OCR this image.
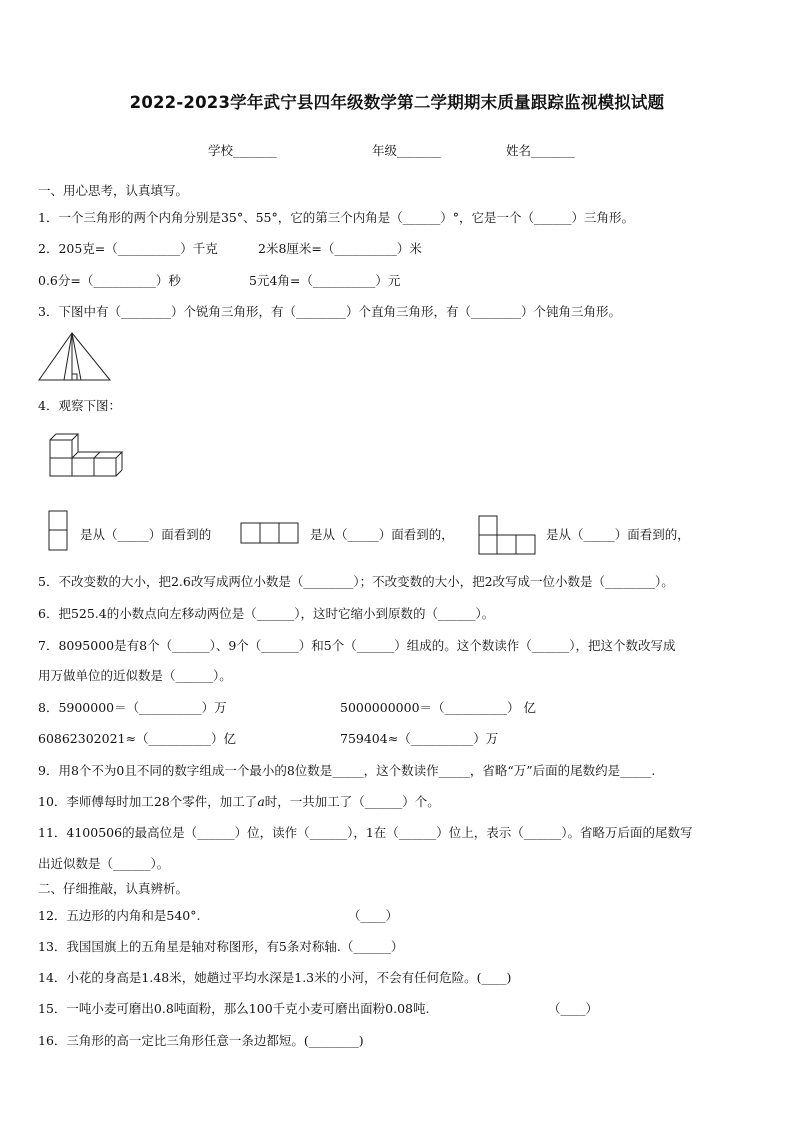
2022-2023学年武宁县四年级数学第二学期期末质量跟踪监视模拟试题
学校_______	年级_______	姓名_______
一、用心思考，认真填写。
1．一个三角形的两个内角分别是35°、55°，它的第三个内角是（______）°，它是一个（______）三角形。
2．205克=（__________）千克	2米8厘米=（__________）米
0.6分=（__________）秒	5元4角=（__________）元
3．下图中有（________）个锐角三角形，有（________）个直角三角形，有（________）个钝角三角形。
4．观察下图：
是从（_____）面看到的	是从（_____）面看到的，	是从（_____）面看到的，
5．不改变数的大小，把2.6改写成两位小数是（________）；不改变数的大小，把2改写成一位小数是（________）。
6．把525.4的小数点向左移动两位是（______），这时它缩小到原数的（______）。
7．8095000是有8个（______）、9个（______）和5个（______）组成的。这个数读作（______），把这个数改写成
用万做单位的近似数是（______）。
8．5900000＝（__________）万	5000000000＝（__________） 亿
60862302021≈（__________）亿	759404≈（__________）万
9．用8个不为0且不同的数字组成一个最小的8位数是_____，这个数读作_____，省略“万”后面的尾数约是_____.
10．李师傅每时加工28个零件，加工了a时，一共加工了（______）个。
11．4100506的最高位是（______）位，读作（______），1在（______）位上，表示（______）。省略万后面的尾数写
出近似数是（______）。
二、仔细推敲，认真辨析。
12．五边形的内角和是540°.	（____）
13．我国国旗上的五角星是轴对称图形，有5条对称轴.（______）
14．小花的身高是1.48米，她趟过平均水深是1.3米的小河，不会有任何危险。(____)
15．一吨小麦可磨出0.8吨面粉，那么100千克小麦可磨出面粉0.08吨.	（____）
16．三角形的高一定比三角形任意一条边都短。(________)
